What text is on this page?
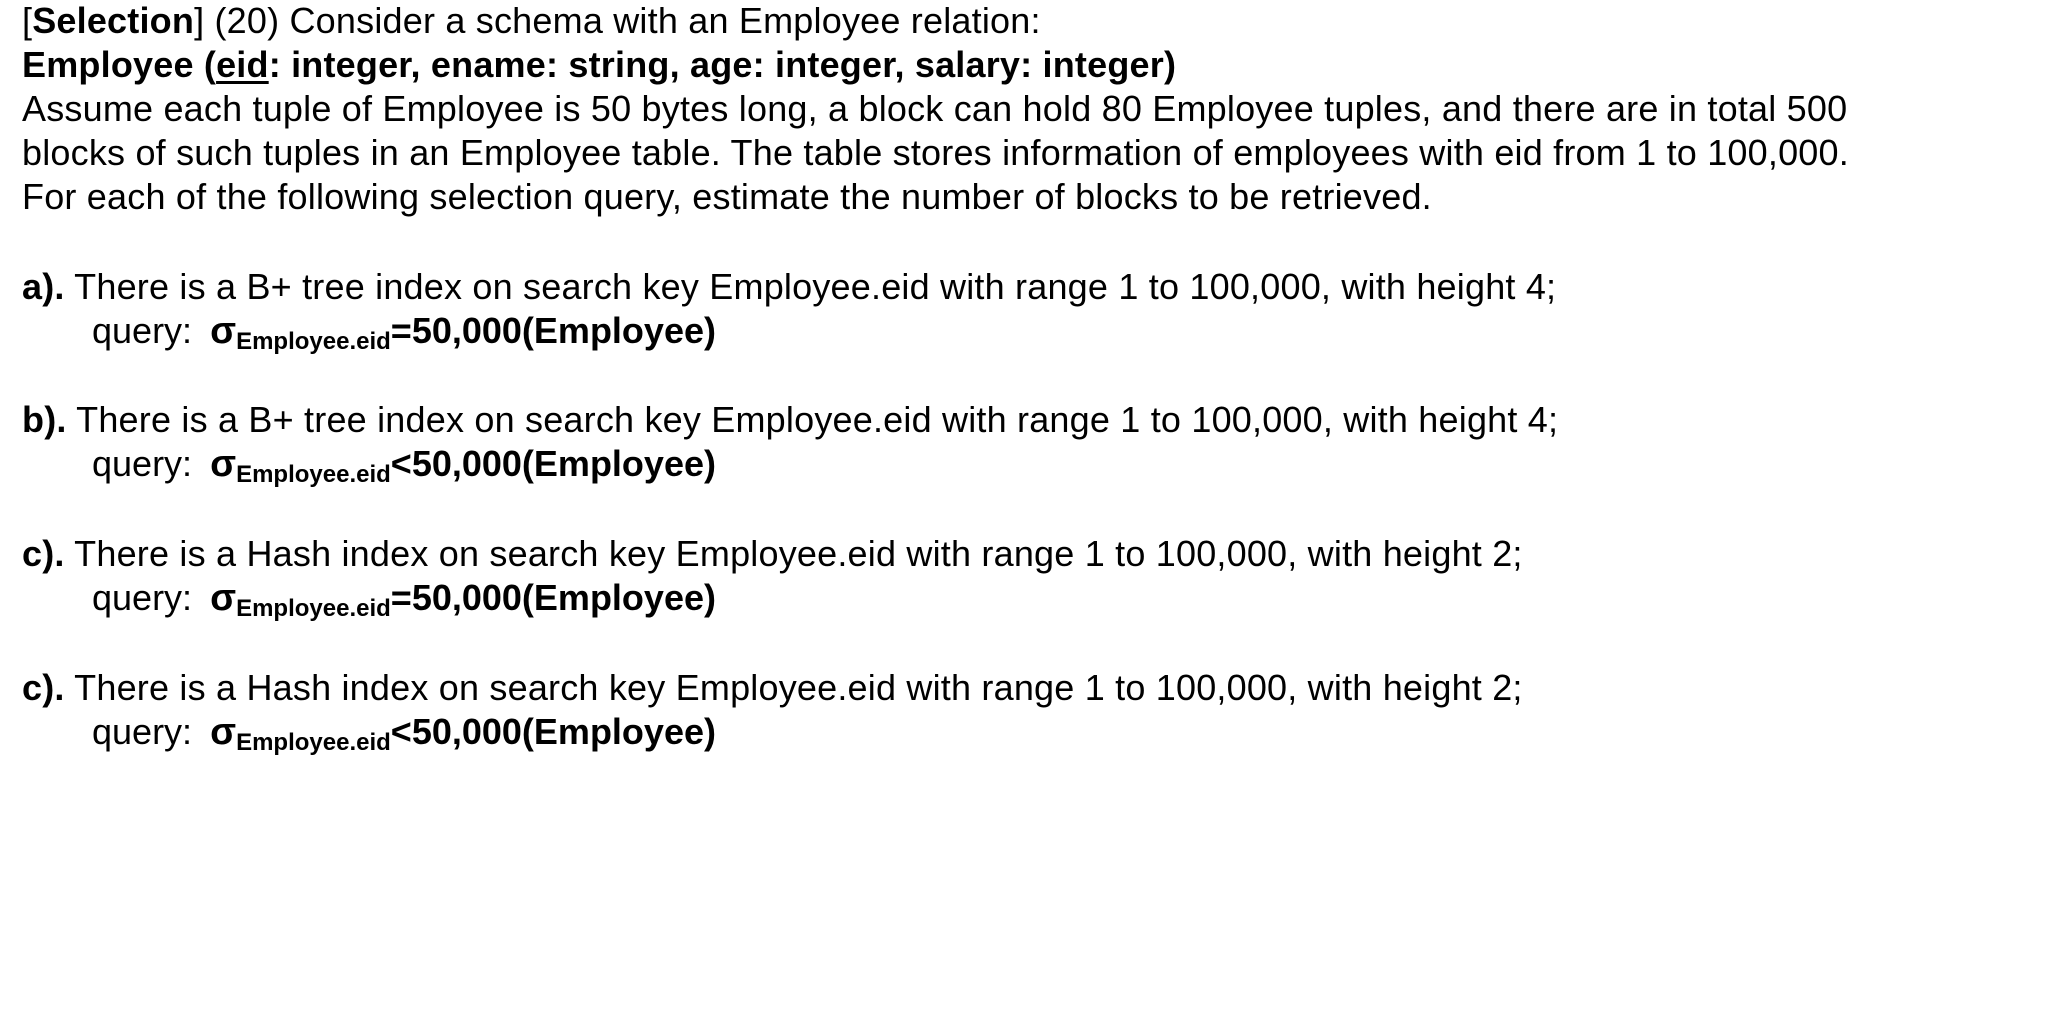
[Selection] (20) Consider a schema with an Employee relation:
Employee (eid: integer, ename: string, age: integer, salary: integer)
Assume each tuple of Employee is 50 bytes long, a block can hold 80 Employee tuples, and there are in total 500
blocks of such tuples in an Employee table. The table stores information of employees with eid from 1 to 100,000.
For each of the following selection query, estimate the number of blocks to be retrieved.
a). There is a B+ tree index on search key Employee.eid with range 1 to 100,000, with height 4;
query: σEmployee.eid=50,000(Employee)
b). There is a B+ tree index on search key Employee.eid with range 1 to 100,000, with height 4;
query: σEmployee.eid<50,000(Employee)
c). There is a Hash index on search key Employee.eid with range 1 to 100,000, with height 2;
query: σEmployee.eid=50,000(Employee)
c). There is a Hash index on search key Employee.eid with range 1 to 100,000, with height 2;
query: σEmployee.eid<50,000(Employee)
